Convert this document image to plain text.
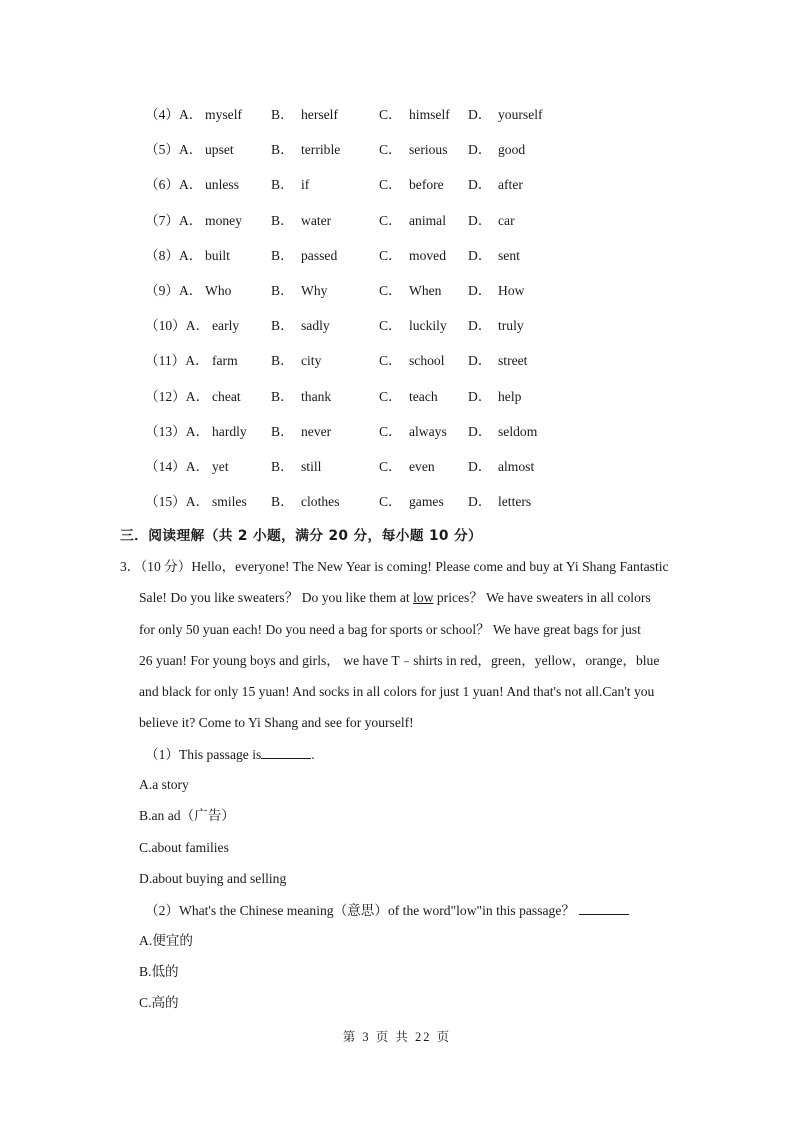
（4）A． myself B． herself	C． himself D． yourself
（5）A． upset	B． terrible	C． serious D． good
（6）A． unless B． if	C． before D． after
（7）A． money B． water	C． animal D． car
（8）A． built	B． passed	C． moved D． sent
（9）A． Who	B． Why	C． When D． How
（10）A． early B． sadly	C． luckily D． truly
（11）A． farm B． city	C． school D． street
（12）A． cheat B． thank	C． teach D． help
（13）A． hardly B． never	C． always D． seldom
（14）A． yet	B． still	C． even D． almost
（15）A． smiles B． clothes	C． games D． letters
三．阅读理解（共 2 小题，满分 20 分，每小题 10 分）
3．（10 分）Hello，everyone! The New Year is coming! Please come and buy at Yi Shang Fantastic
Sale! Do you like sweaters？ Do you like them at low prices？ We have sweaters in all colors
for only 50 yuan each! Do you need a bag for sports or school？ We have great bags for just
26 yuan! For young boys and girls， we have T﹣shirts in red，green，yellow，orange，blue
and black for only 15 yuan! And socks in all colors for just 1 yuan! And that's not all.Can't you
believe it? Come to Yi Shang and see for yourself!
（1）This passage is	.
A.a story
B.an ad（广告）
C.about families
D.about buying and selling
（2）What's the Chinese meaning（意思）of the word"low"in this passage？
A.便宜的
B.低的
C.高的
第 3 页 共 22 页
